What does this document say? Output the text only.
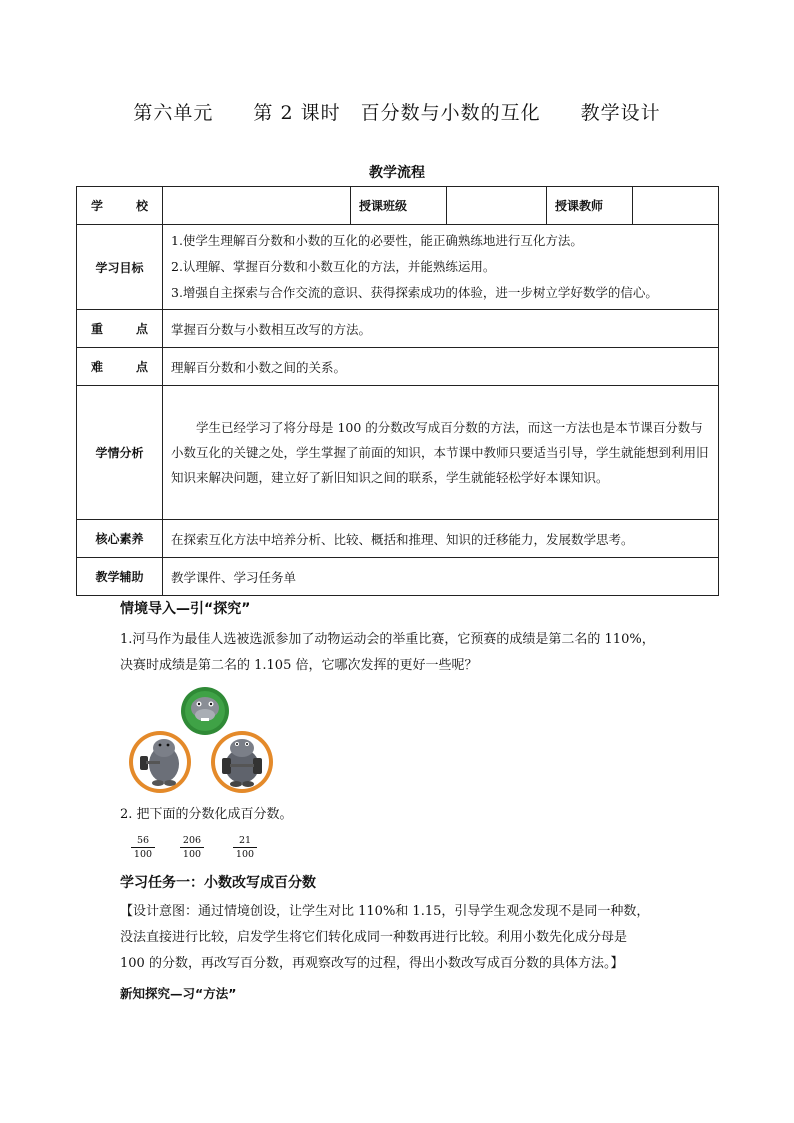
第六单元　　第 2 课时　百分数与小数的互化　　教学设计
教学流程
学　　校		授课班级		授课教师	
学习目标	1.使学生理解百分数和小数的互化的必要性，能正确熟练地进行互化方法。
2.认理解、掌握百分数和小数互化的方法，并能熟练运用。
3.增强自主探索与合作交流的意识、获得探索成功的体验，进一步树立学好数学的信心。				

重　点	掌握百分数与小数相互改写的方法。				
难　点	理解百分数和小数之间的关系。				
学情分析	学生已经学习了将分母是 100 的分数改写成百分数的方法，而这一方法也是本节课百分数与小数互化的关键之处，学生掌握了前面的知识，本节课中教师只要适当引导，学生就能想到利用旧知识来解决问题，建立好了新旧知识之间的联系，学生就能轻松学好本课知识。				
核心素养	在探索互化方法中培养分析、比较、概括和推理、知识的迁移能力，发展数学思考。				
教学辅助	教学课件、学习任务单				
情境导入—引“探究”
1.河马作为最佳人选被选派参加了动物运动会的举重比赛，它预赛的成绩是第二名的 110%，
决赛时成绩是第二名的 1.105 倍，它哪次发挥的更好一些呢？
2. 把下面的分数化成百分数。
$\frac{56}{100}$	$\frac{206}{100}$	$\frac{21}{100}$
学习任务一：小数改写成百分数
【设计意图：通过情境创设，让学生对比 110%和 1.15，引导学生观念发现不是同一种数，
没法直接进行比较，启发学生将它们转化成同一种数再进行比较。利用小数先化成分母是
100 的分数，再改写百分数，再观察改写的过程，得出小数改写成百分数的具体方法。】
新知探究—习“方法”
